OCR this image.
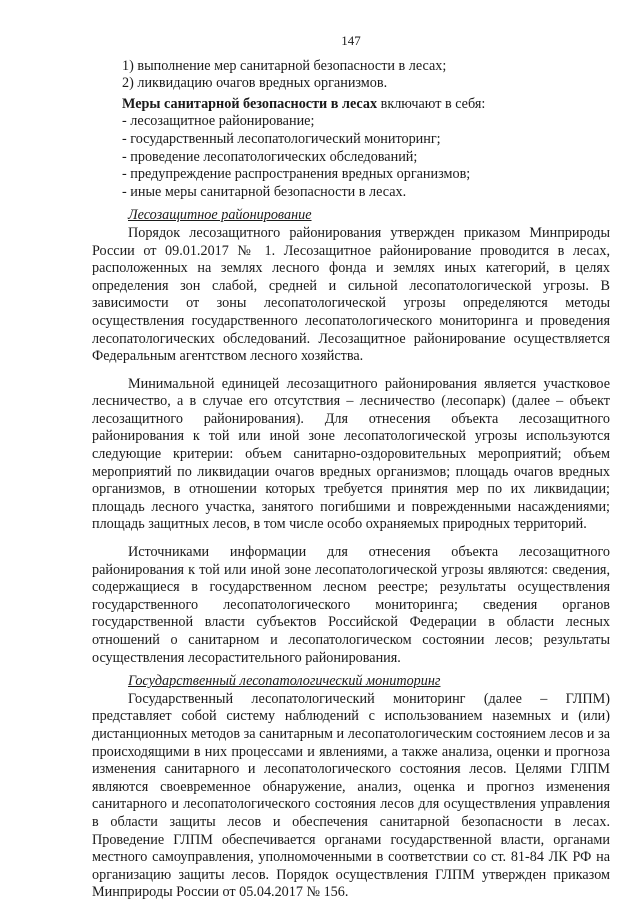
147

1) выполнение мер санитарной безопасности в лесах;

2) ликвидацию очагов вредных организмов.

Меры санитарной безопасности в лесах включают в себя:

- лесозащитное районирование;

- государственный лесопатологический мониторинг;

- проведение лесопатологических обследований;

- предупреждение распространения вредных организмов;

- иные меры санитарной безопасности в лесах.

Лесозащитное районирование

Порядок лесозащитного районирования утвержден приказом Минприроды России от 09.01.2017 № 1. Лесозащитное районирование проводится в лесах, расположенных на землях лесного фонда и землях иных категорий, в целях определения зон слабой, средней и сильной лесопатологической угрозы. В зависимости от зоны лесопатологической угрозы определяются методы осуществления государственного лесопатологического мониторинга и проведения лесопатологических обследований. Лесозащитное районирование осуществляется Федеральным агентством лесного хозяйства.

Минимальной единицей лесозащитного районирования является участковое лесничество, а в случае его отсутствия – лесничество (лесопарк) (далее – объект лесозащитного районирования). Для отнесения объекта лесозащитного районирования к той или иной зоне лесопатологической угрозы используются следующие критерии: объем санитарно-оздоровительных мероприятий; объем мероприятий по ликвидации очагов вредных организмов; площадь очагов вредных организмов, в отношении которых требуется принятия мер по их ликвидации; площадь лесного участка, занятого погибшими и поврежденными насаждениями; площадь защитных лесов, в том числе особо охраняемых природных территорий.

Источниками информации для отнесения объекта лесозащитного районирования к той или иной зоне лесопатологической угрозы являются: сведения, содержащиеся в государственном лесном реестре; результаты осуществления государственного лесопатологического мониторинга; сведения органов государственной власти субъектов Российской Федерации в области лесных отношений о санитарном и лесопатологическом состоянии лесов; результаты осуществления лесорастительного районирования.

Государственный лесопатологический мониторинг

Государственный лесопатологический мониторинг (далее – ГЛПМ) представляет собой систему наблюдений с использованием наземных и (или) дистанционных методов за санитарным и лесопатологическим состоянием лесов и за происходящими в них процессами и явлениями, а также анализа, оценки и прогноза изменения санитарного и лесопатологического состояния лесов. Целями ГЛПМ являются своевременное обнаружение, анализ, оценка и прогноз изменения санитарного и лесопатологического состояния лесов для осуществления управления в области защиты лесов и обеспечения санитарной безопасности в лесах. Проведение ГЛПМ обеспечивается органами государственной власти, органами местного самоуправления, уполномоченными в соответствии со ст. 81-84 ЛК РФ на организацию защиты лесов. Порядок осуществления ГЛПМ утвержден приказом Минприроды России от 05.04.2017 № 156.
